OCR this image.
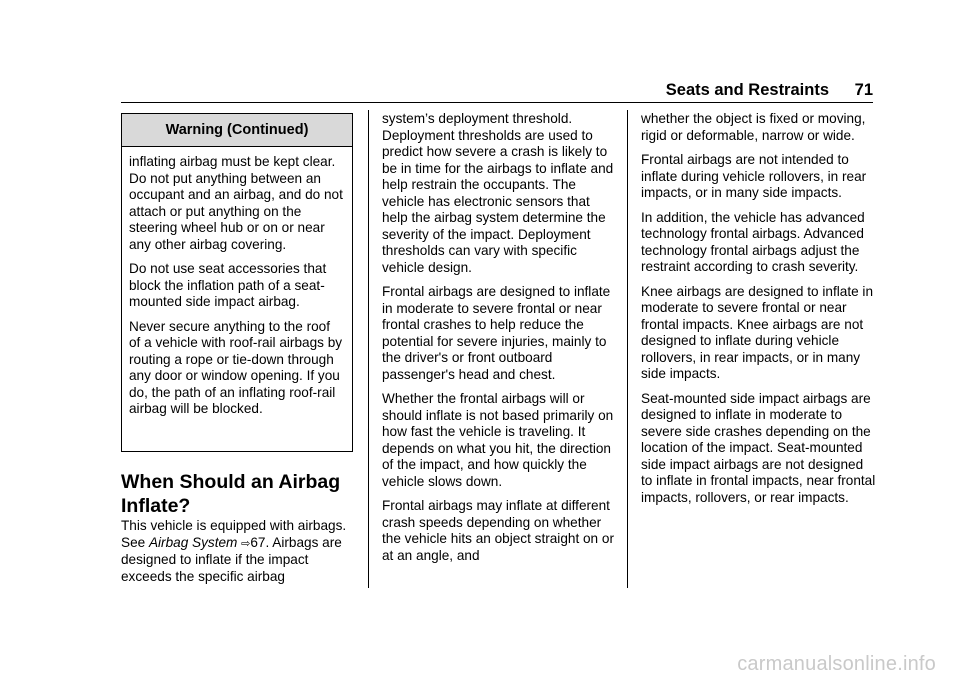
Seats and Restraints 71
Warning (Continued)

inflating airbag must be kept clear. Do not put anything between an occupant and an airbag, and do not attach or put anything on the steering wheel hub or on or near any other airbag covering.

Do not use seat accessories that block the inflation path of a seat-mounted side impact airbag.

Never secure anything to the roof of a vehicle with roof-rail airbags by routing a rope or tie-down through any door or window opening. If you do, the path of an inflating roof-rail airbag will be blocked.

When Should an Airbag Inflate?

This vehicle is equipped with airbags. See Airbag System ⇨67. Airbags are designed to inflate if the impact exceeds the specific airbag

system’s deployment threshold. Deployment thresholds are used to predict how severe a crash is likely to be in time for the airbags to inflate and help restrain the occupants. The vehicle has electronic sensors that help the airbag system determine the severity of the impact. Deployment thresholds can vary with specific vehicle design.

Frontal airbags are designed to inflate in moderate to severe frontal or near frontal crashes to help reduce the potential for severe injuries, mainly to the driver's or front outboard passenger's head and chest.

Whether the frontal airbags will or should inflate is not based primarily on how fast the vehicle is traveling. It depends on what you hit, the direction of the impact, and how quickly the vehicle slows down.

Frontal airbags may inflate at different crash speeds depending on whether the vehicle hits an object straight on or at an angle, and

whether the object is fixed or moving, rigid or deformable, narrow or wide.

Frontal airbags are not intended to inflate during vehicle rollovers, in rear impacts, or in many side impacts.

In addition, the vehicle has advanced technology frontal airbags. Advanced technology frontal airbags adjust the restraint according to crash severity.

Knee airbags are designed to inflate in moderate to severe frontal or near frontal impacts. Knee airbags are not designed to inflate during vehicle rollovers, in rear impacts, or in many side impacts.

Seat-mounted side impact airbags are designed to inflate in moderate to severe side crashes depending on the location of the impact. Seat-mounted side impact airbags are not designed to inflate in frontal impacts, near frontal impacts, rollovers, or rear impacts.

carmanualsonline.info
